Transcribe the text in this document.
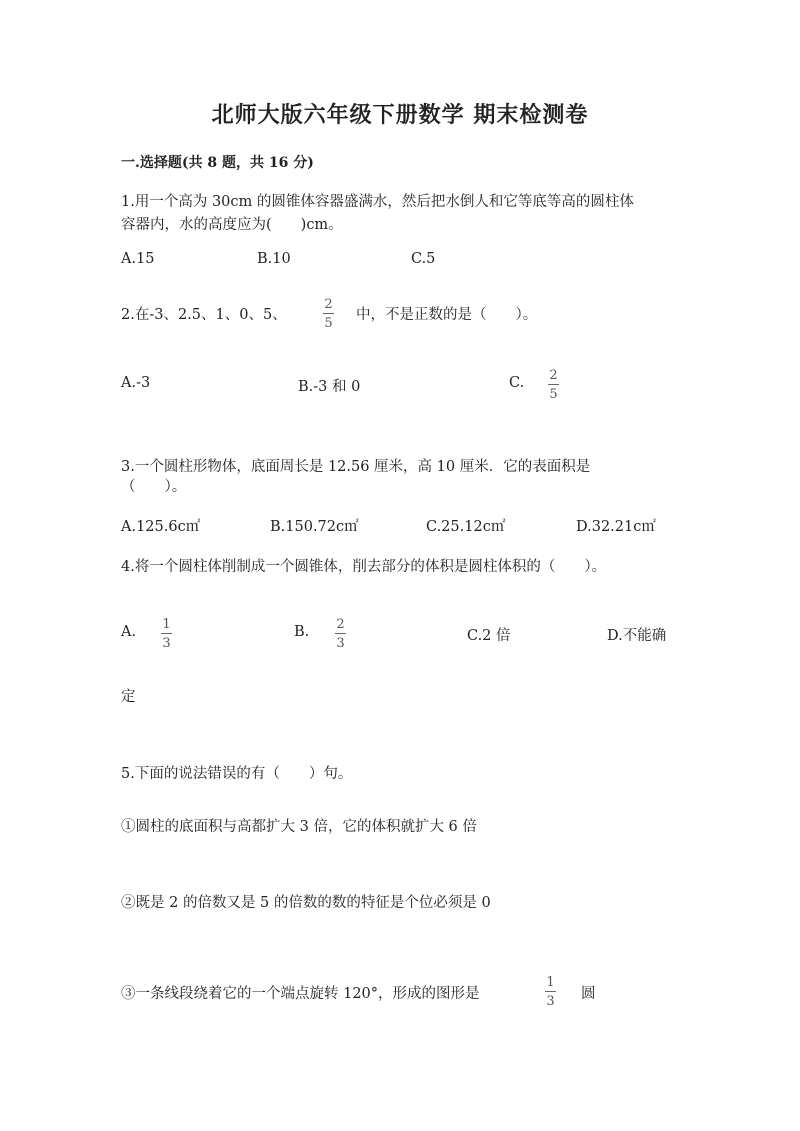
北师大版六年级下册数学 期末检测卷
一.选择题(共 8 题，共 16 分)
1.用一个高为 30cm 的圆锥体容器盛满水，然后把水倒人和它等底等高的圆柱体
容器内，水的高度应为(　　)cm。
A.15	B.10	C.5
2.在-3、2.5、1、0、5、
2
5
中，不是正数的是（　　）。
A.-3	B.-3 和 0	C. 2
5
3.一个圆柱形物体，底面周长是 12.56 厘米，高 10 厘米．它的表面积是
（　　）。
A.125.6c㎡	B.150.72c㎡	C.25.12c㎡	D.32.21c㎡
4.将一个圆柱体削制成一个圆锥体，削去部分的体积是圆柱体积的（　　）。
A. 1
3
B. 2
3	C.2 倍	D.不能确
定
5.下面的说法错误的有（　　）句。
①圆柱的底面积与高都扩大 3 倍，它的体积就扩大 6 倍
②既是 2 的倍数又是 5 的倍数的数的特征是个位必须是 0
③一条线段绕着它的一个端点旋转 120°，形成的图形是
1
3 圆
